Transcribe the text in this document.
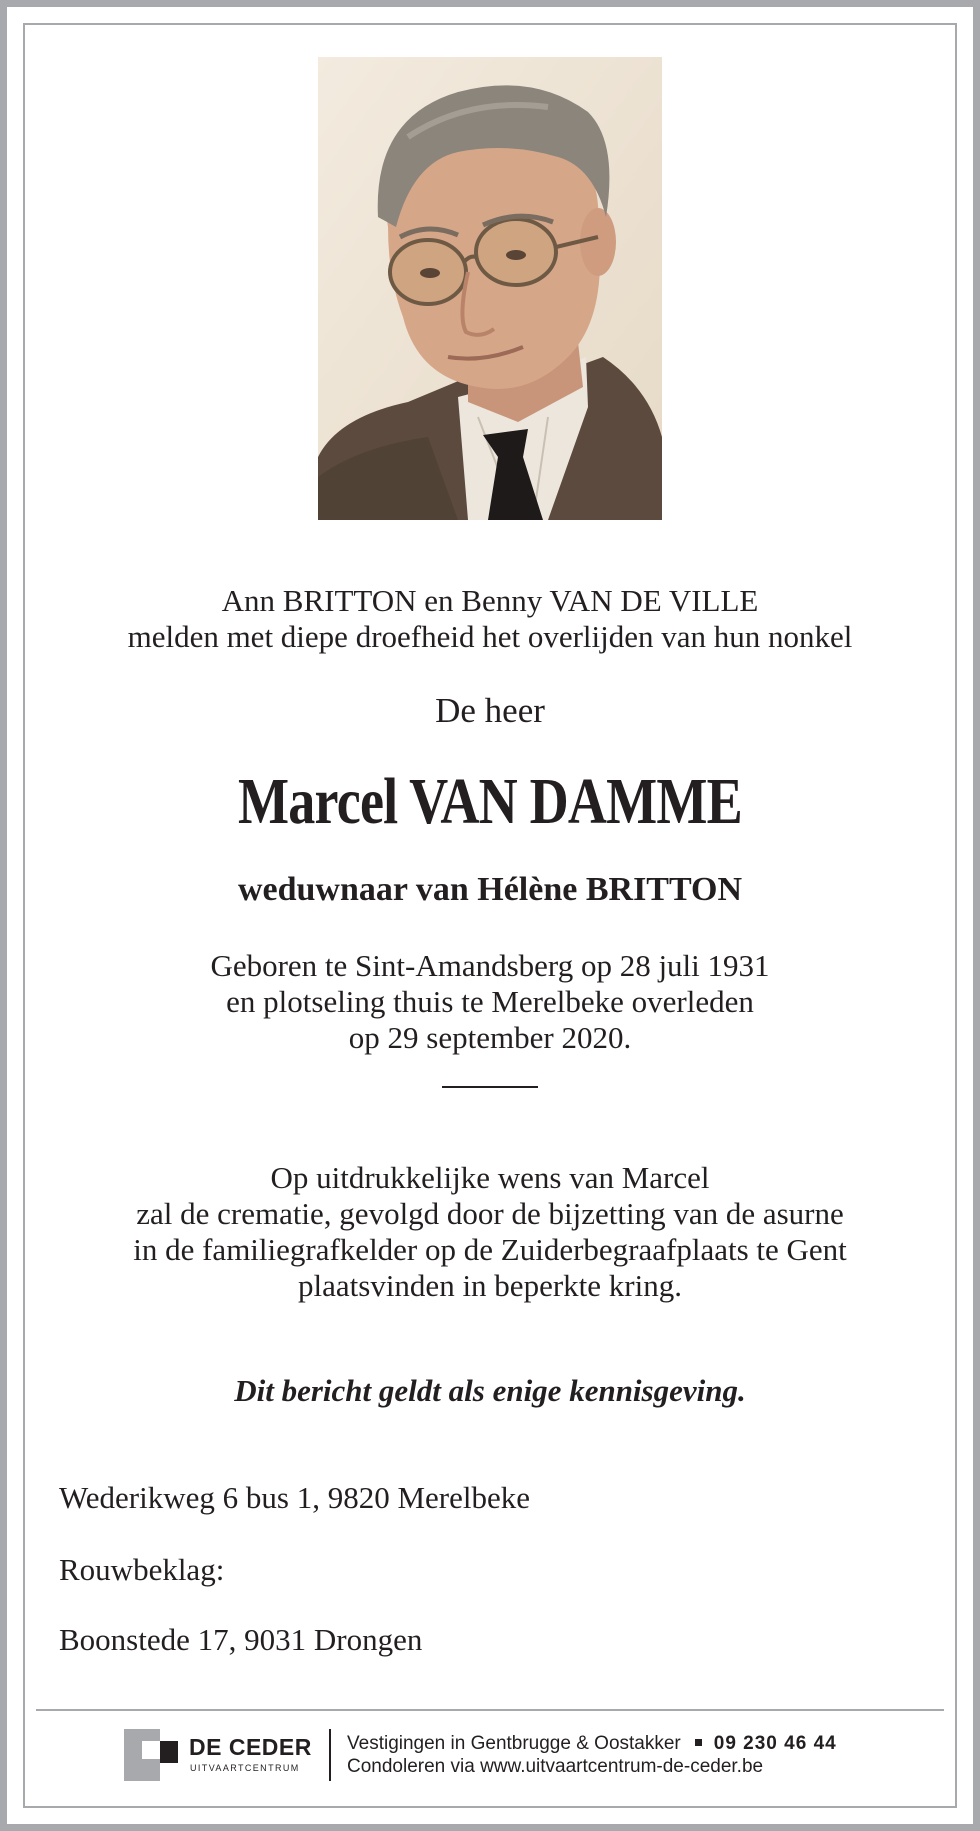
Ann BRITTON en Benny VAN DE VILLE
melden met diepe droefheid het overlijden van hun nonkel

De heer

Marcel VAN DAMME

weduwnaar van Hélène BRITTON

Geboren te Sint-Amandsberg op 28 juli 1931
en plotseling thuis te Merelbeke overleden
op 29 september 2020.

Op uitdrukkelijke wens van Marcel
zal de crematie, gevolgd door de bijzetting van de asurne
in de familiegrafkelder op de Zuiderbegraafplaats te Gent
plaatsvinden in beperkte kring.

Dit bericht geldt als enige kennisgeving.

Wederikweg 6 bus 1, 9820 Merelbeke

Rouwbeklag:

Boonstede 17, 9031 Drongen

DE CEDER

UITVAARTCENTRUM

Vestigingen in Gentbrugge & Oostakker 09 230 46 44

Condoleren via www.uitvaartcentrum-de-ceder.be
